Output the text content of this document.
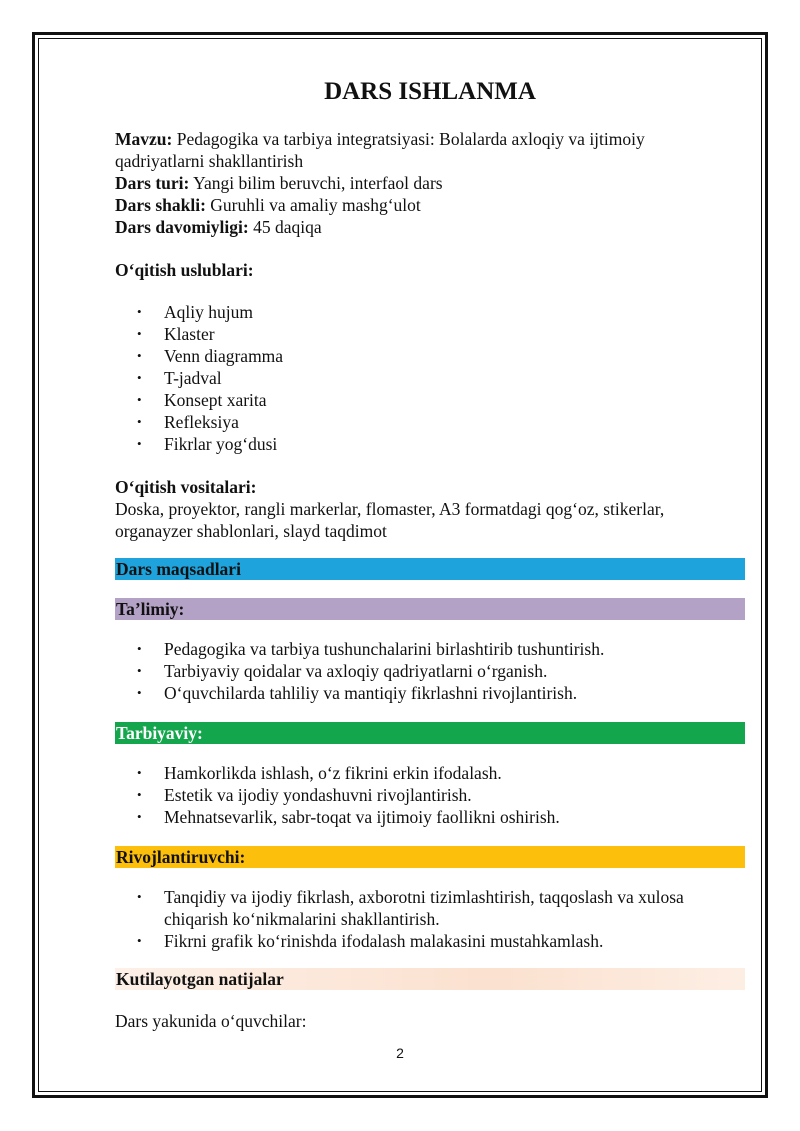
DARS ISHLANMA

Mavzu: Pedagogika va tarbiya integratsiyasi: Bolalarda axloqiy va ijtimoiy

qadriyatlarni shakllantirish

Dars turi: Yangi bilim beruvchi, interfaol dars

Dars shakli: Guruhli va amaliy mashg‘ulot

Dars davomiyligi: 45 daqiqa

O‘qitish uslublari:

• Aqliy hujum
• Klaster
• Venn diagramma
• T-jadval
• Konsept xarita
• Refleksiya
• Fikrlar yog‘dusi

O‘qitish vositalari:

Doska, proyektor, rangli markerlar, flomaster, A3 formatdagi qog‘oz, stikerlar,

organayzer shablonlari, slayd taqdimot

Dars maqsadlari
Ta’limiy:
• Pedagogika va tarbiya tushunchalarini birlashtirib tushuntirish.
• Tarbiyaviy qoidalar va axloqiy qadriyatlarni o‘rganish.
• O‘quvchilarda tahliliy va mantiqiy fikrlashni rivojlantirish.
Tarbiyaviy:
• Hamkorlikda ishlash, o‘z fikrini erkin ifodalash.
• Estetik va ijodiy yondashuvni rivojlantirish.
• Mehnatsevarlik, sabr-toqat va ijtimoiy faollikni oshirish.
Rivojlantiruvchi:
• Tanqidiy va ijodiy fikrlash, axborotni tizimlashtirish, taqqoslash va xulosa
chiqarish ko‘nikmalarini shakllantirish.
• Fikrni grafik ko‘rinishda ifodalash malakasini mustahkamlash.
Kutilayotgan natijalar

Dars yakunida o‘quvchilar:

2
